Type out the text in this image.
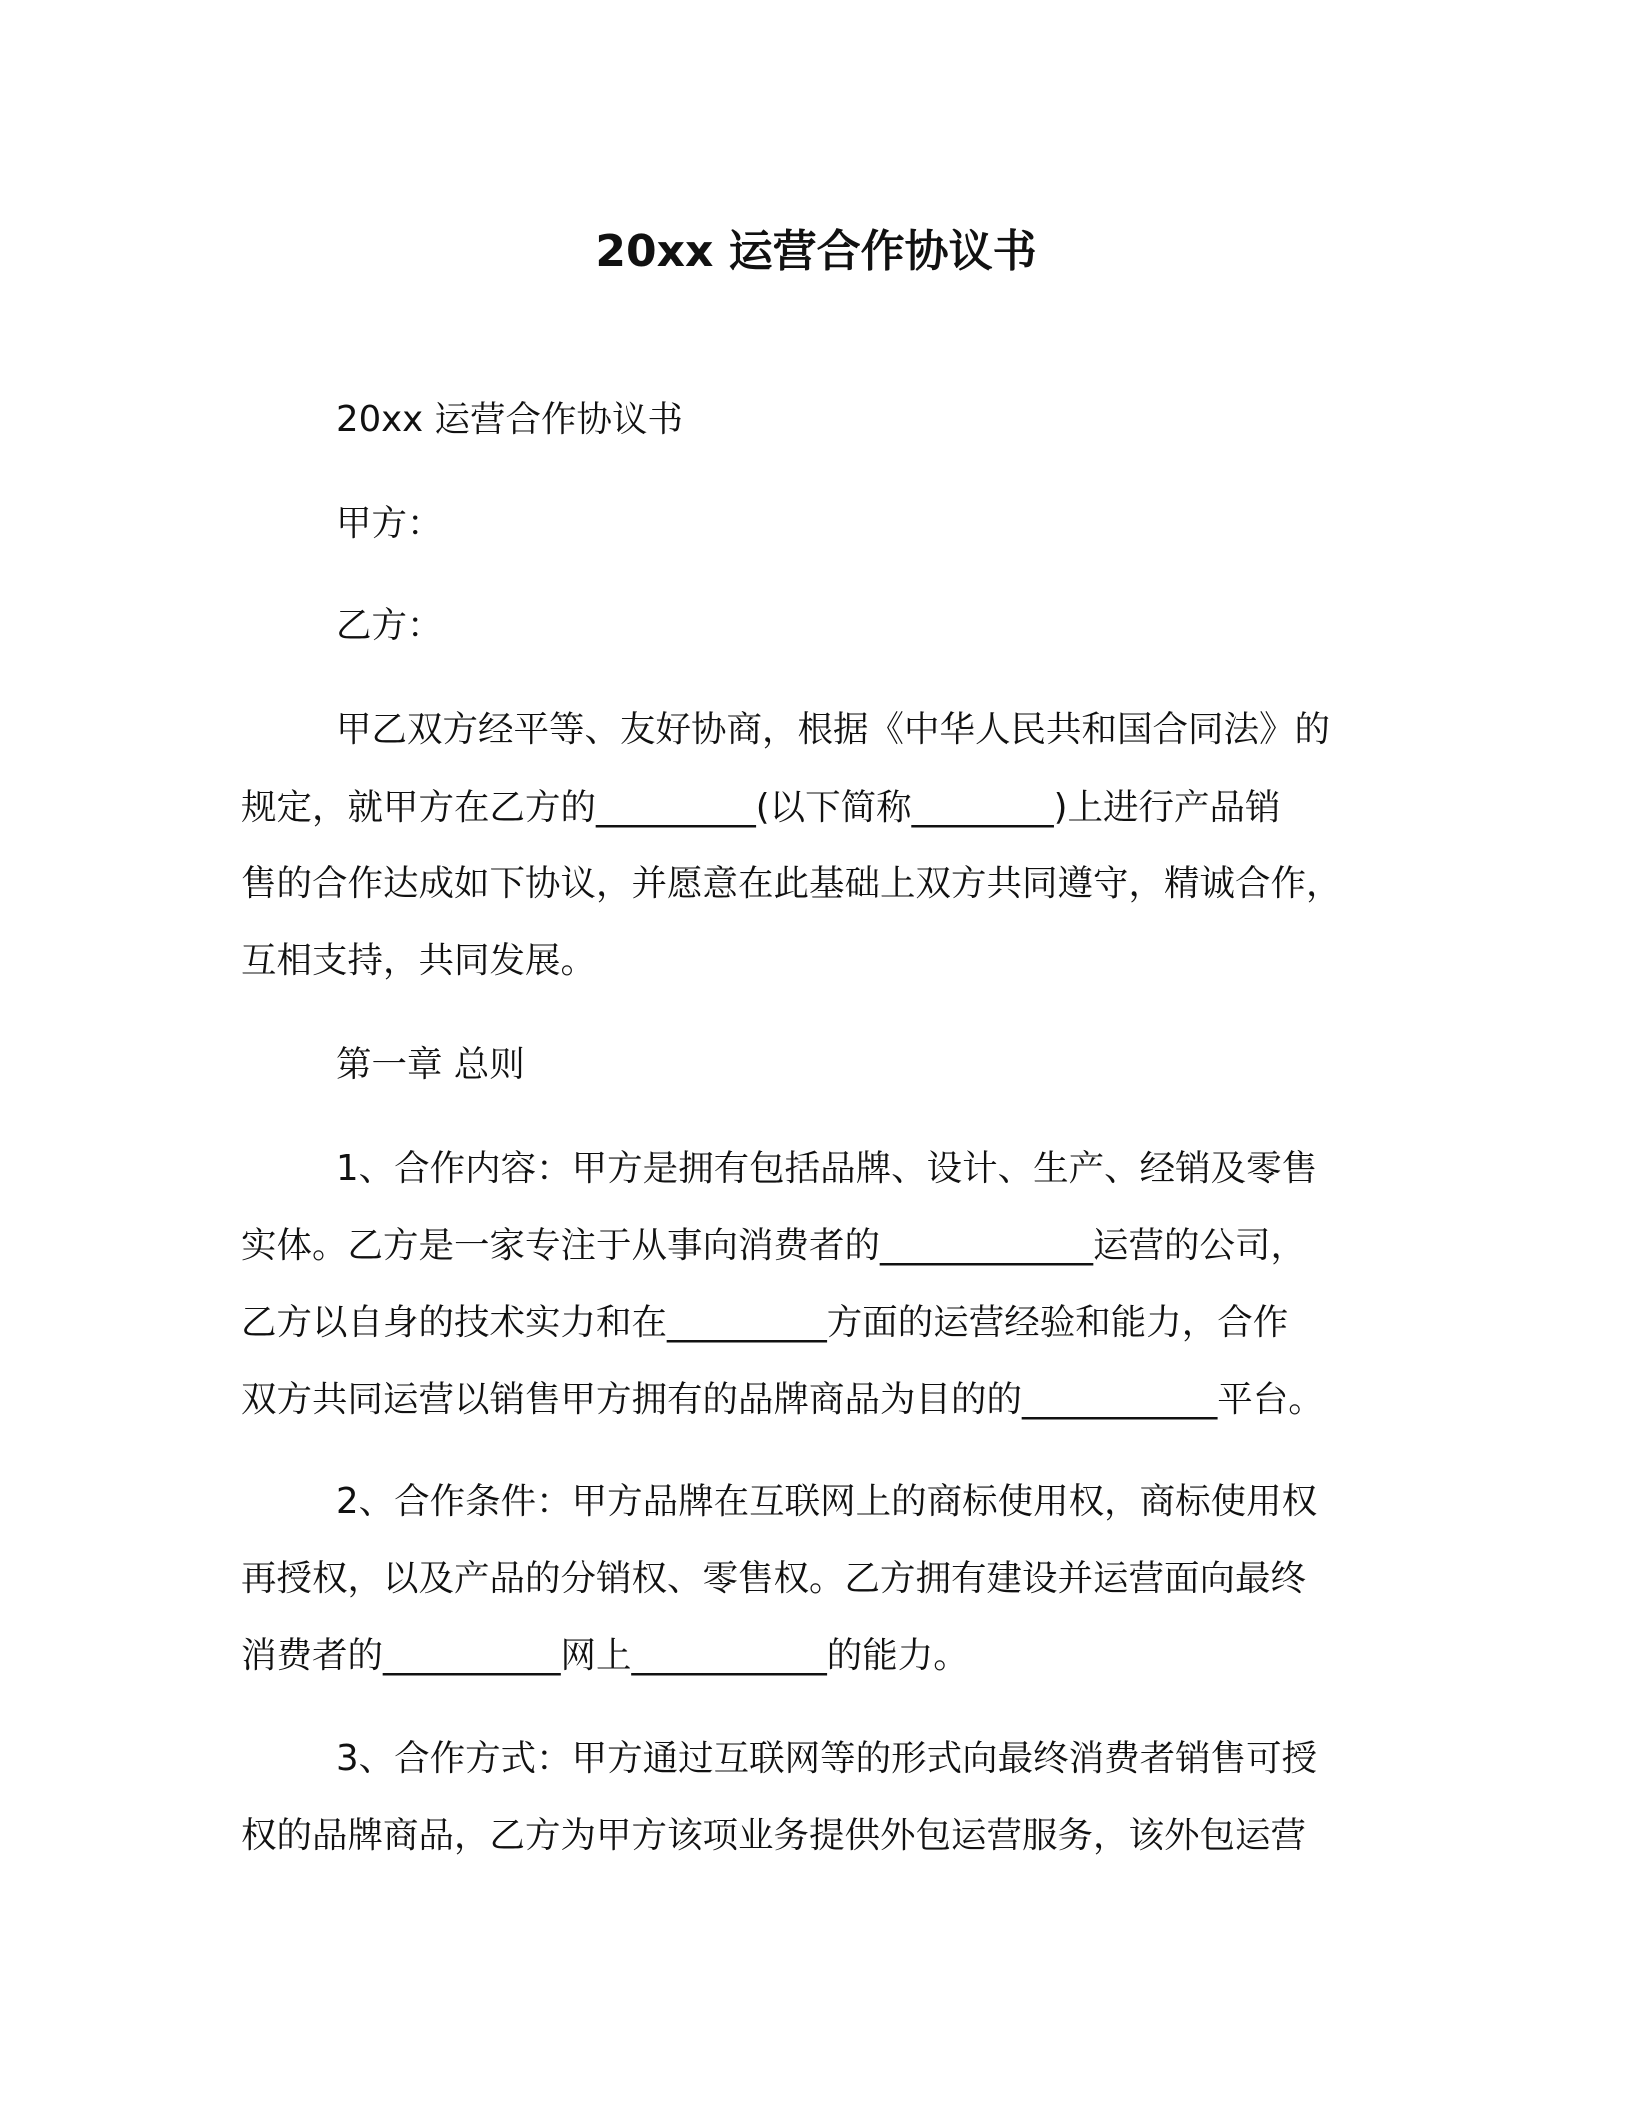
20xx 运营合作协议书

20xx 运营合作协议书

甲方：

乙方：

甲乙双方经平等、友好协商，根据《中华人民共和国合同法》的

规定，就甲方在乙方的_________(以下简称________)上进行产品销

售的合作达成如下协议，并愿意在此基础上双方共同遵守，精诚合作，

互相支持，共同发展。

第一章 总则

1、合作内容：甲方是拥有包括品牌、设计、生产、经销及零售

实体。乙方是一家专注于从事向消费者的____________运营的公司，

乙方以自身的技术实力和在_________方面的运营经验和能力，合作

双方共同运营以销售甲方拥有的品牌商品为目的的___________平台。

2、合作条件：甲方品牌在互联网上的商标使用权，商标使用权

再授权，以及产品的分销权、零售权。乙方拥有建设并运营面向最终

消费者的__________网上___________的能力。

3、合作方式：甲方通过互联网等的形式向最终消费者销售可授

权的品牌商品，乙方为甲方该项业务提供外包运营服务，该外包运营
